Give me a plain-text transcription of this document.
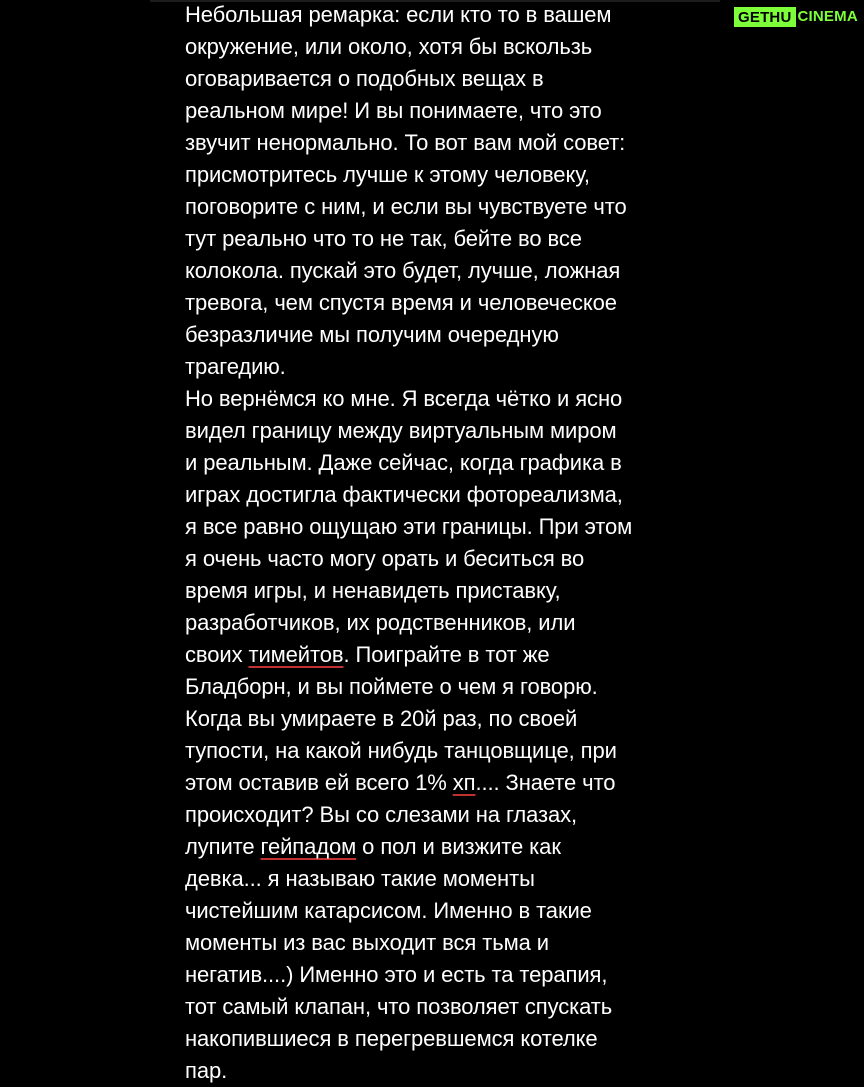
GETHU CINEMA
Небольшая ремарка: если кто то в вашем
окружение, или около, хотя бы вскользь
оговаривается о подобных вещах в
реальном мире! И вы понимаете, что это
звучит ненормально. То вот вам мой совет:
присмотритесь лучше к этому человеку,
поговорите с ним, и если вы чувствуете что
тут реально что то не так, бейте во все
колокола. пускай это будет, лучше, ложная
тревога, чем спустя время и человеческое
безразличие мы получим очередную
трагедию.
Но вернёмся ко мне. Я всегда чётко и ясно
видел границу между виртуальным миром
и реальным. Даже сейчас, когда графика в
играх достигла фактически фотореализма,
я все равно ощущаю эти границы. При этом
я очень часто могу орать и беситься во
время игры, и ненавидеть приставку,
разработчиков, их родственников, или
своих тимейтов. Поиграйте в тот же
Бладборн, и вы поймете о чем я говорю.
Когда вы умираете в 20й раз, по своей
тупости, на какой нибудь танцовщице, при
этом оставив ей всего 1% хп.... Знаете что
происходит? Вы со слезами на глазах,
лупите гейпадом о пол и визжите как
девка... я называю такие моменты
чистейшим катарсисом. Именно в такие
моменты из вас выходит вся тьма и
негатив....) Именно это и есть та терапия,
тот самый клапан, что позволяет спускать
накопившиеся в перегревшемся котелке
пар.
